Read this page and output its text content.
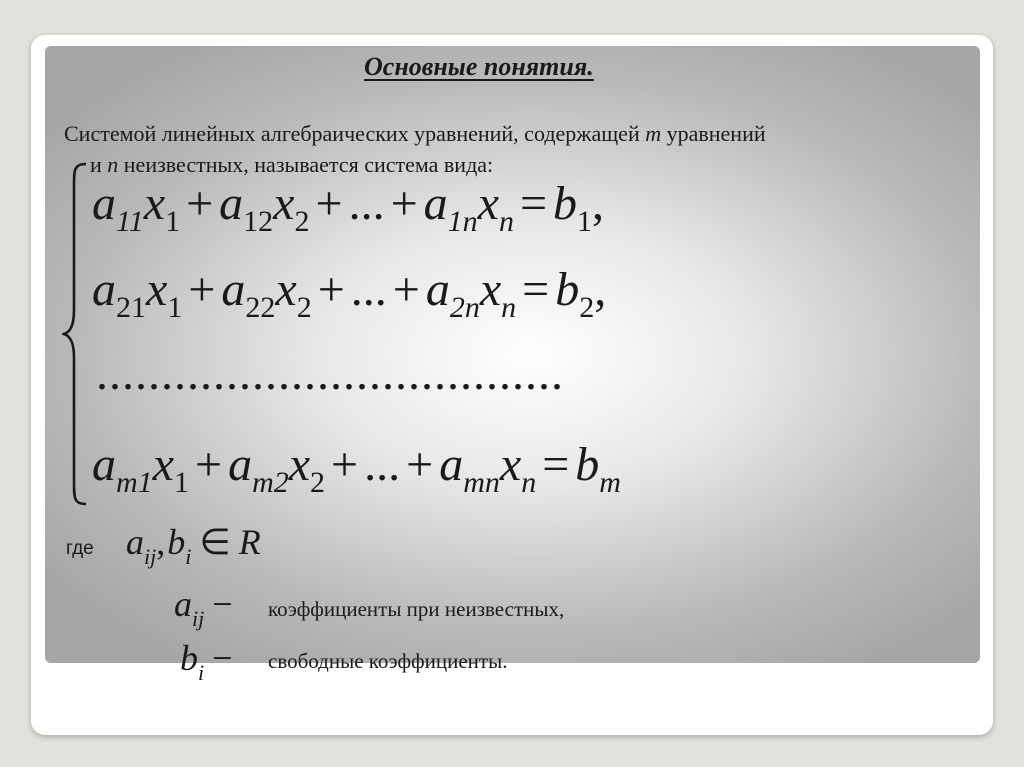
Основные понятия.
Системой линейных алгебраических уравнений, содержащей m уравнений
и n неизвестных, называется система вида:
$a_{11}x_1 + a_{12}x_2$ + ... + $a_{1n}x_n = b_1$,
$a_{21}x_1 + a_{22}x_2$ + ... + $a_{2n}x_n = b_2$,
....................................
$a_{m1}x_1 + a_{m2}x_2$ + ... + $a_{mn}x_n = b_m$
где $a_{ij},b_i$ ∈ R
$a_{ij}$ − коэффициенты при неизвестных,
$b_i$ − свободные коэффициенты.
